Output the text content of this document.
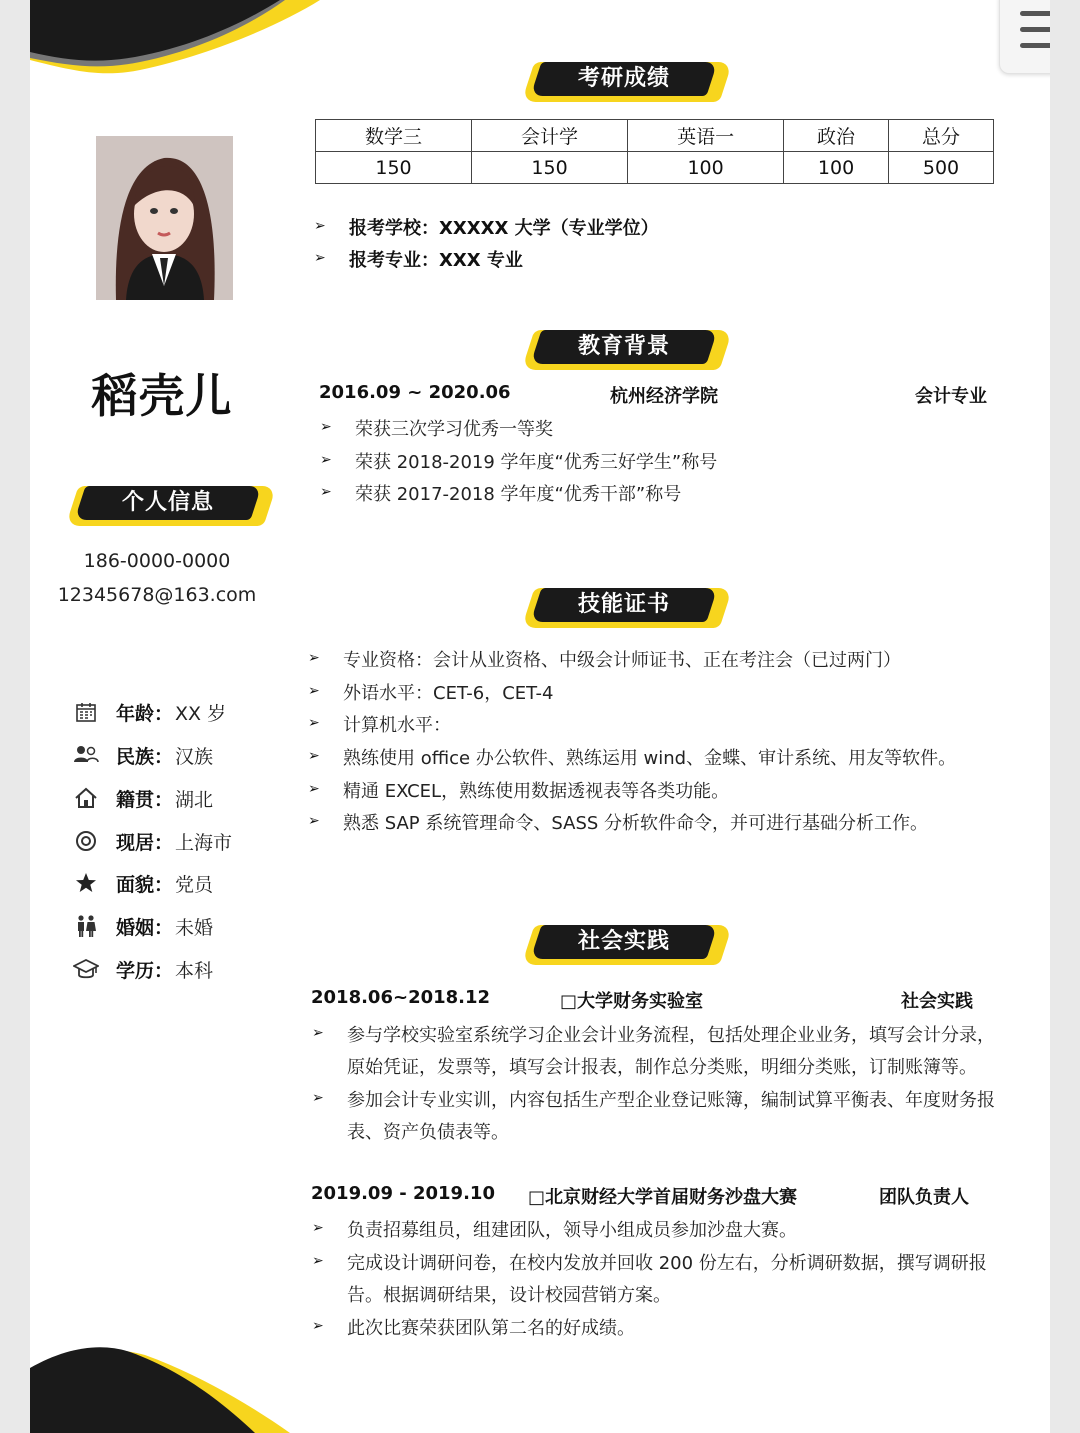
稻壳儿
个人信息
186-0000-0000
12345678@163.com
年龄： XX 岁
民族： 汉族
籍贯： 湖北
现居： 上海市
面貌： 党员
婚姻： 未婚
学历： 本科
考研成绩
数学三	会计学	英语一	政治	总分
150	150	100	100	500
➢ 报考学校：XXXXX 大学（专业学位）
➢ 报考专业：XXX 专业
教育背景
2016.09 ~ 2020.06	杭州经济学院	会计专业
➢ 荣获三次学习优秀一等奖
➢ 荣获 2018-2019 学年度“优秀三好学生”称号
➢ 荣获 2017-2018 学年度“优秀干部”称号
技能证书
➢ 专业资格：会计从业资格、中级会计师证书、正在考注会（已过两门）
➢ 外语水平：CET-6，CET-4
➢ 计算机水平：
➢ 熟练使用 office 办公软件、熟练运用 wind、金蝶、审计系统、用友等软件。
➢ 精通 EXCEL，熟练使用数据透视表等各类功能。
➢ 熟悉 SAP 系统管理命令、SASS 分析软件命令，并可进行基础分析工作。
社会实践
2018.06~2018.12	□大学财务实验室	社会实践
➢ 参与学校实验室系统学习企业会计业务流程，包括处理企业业务，填写会计分录，
原始凭证，发票等，填写会计报表，制作总分类账，明细分类账，订制账簿等。
➢ 参加会计专业实训，内容包括生产型企业登记账簿，编制试算平衡表、年度财务报
表、资产负债表等。
2019.09 - 2019.10 □北京财经大学首届财务沙盘大赛	团队负责人
➢ 负责招募组员，组建团队，领导小组成员参加沙盘大赛。
➢ 完成设计调研问卷，在校内发放并回收 200 份左右，分析调研数据，撰写调研报
告。根据调研结果，设计校园营销方案。
➢ 此次比赛荣获团队第二名的好成绩。
